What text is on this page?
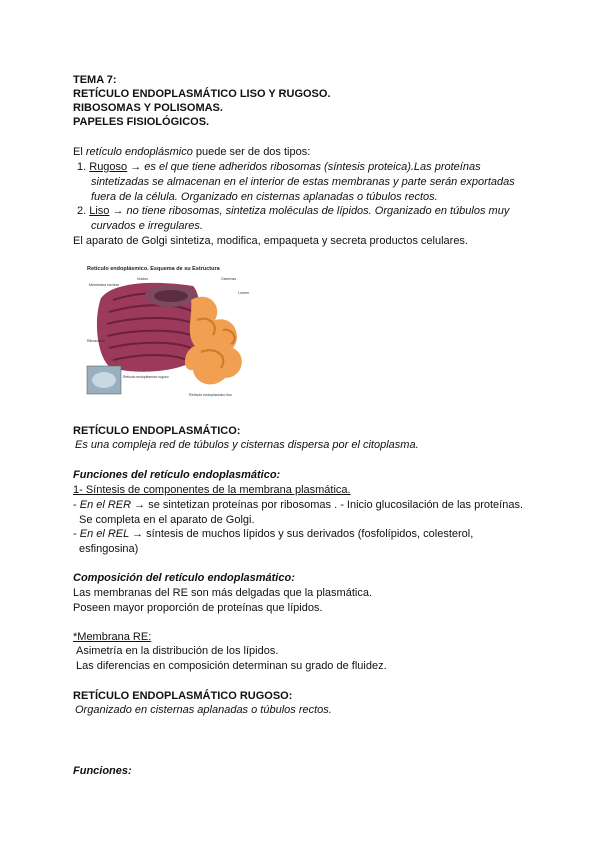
TEMA 7:
RETÍCULO ENDOPLASMÁTICO LISO Y RUGOSO.
RIBOSOMAS Y POLISOMAS.
PAPELES FISIOLÓGICOS.
El retículo endoplásmico puede ser de dos tipos:
1. Rugoso → es el que tiene adheridos ribosomas (síntesis proteica).Las proteínas
sintetizadas se almacenan en el interior de estas membranas y parte serán exportadas
fuera de la célula. Organizado en cisternas aplanadas o túbulos rectos.
2. Liso → no tiene ribosomas, sintetiza moléculas de lípidos. Organizado en túbulos muy
curvados e irregulares.
El aparato de Golgi sintetiza, modifica, empaqueta y secreta productos celulares.
Retículo endoplásmico. Esquema de su Estructura
Núcleo
Membrana nuclear
Ribosomas
Cisternas
Lumen
Retículo endoplásmico rugoso
Retículo endoplásmico liso
RETÍCULO ENDOPLASMÁTICO:
Es una compleja red de túbulos y cisternas dispersa por el citoplasma.
Funciones del retículo endoplasmático:
1- Síntesis de componentes de la membrana plasmática.
- En el RER → se sintetizan proteínas por ribosomas . - Inicio glucosilación de las proteínas.
Se completa en el aparato de Golgi.
- En el REL → síntesis de muchos lípidos y sus derivados (fosfolípidos, colesterol,
esfingosina)
Composición del retículo endoplasmático:
Las membranas del RE son más delgadas que la plasmática.
Poseen mayor proporción de proteínas que lípidos.
*Membrana RE:
Asimetría en la distribución de los lípidos.
Las diferencias en composición determinan su grado de fluidez.
RETÍCULO ENDOPLASMÁTICO RUGOSO:
Organizado en cisternas aplanadas o túbulos rectos.
Funciones:
